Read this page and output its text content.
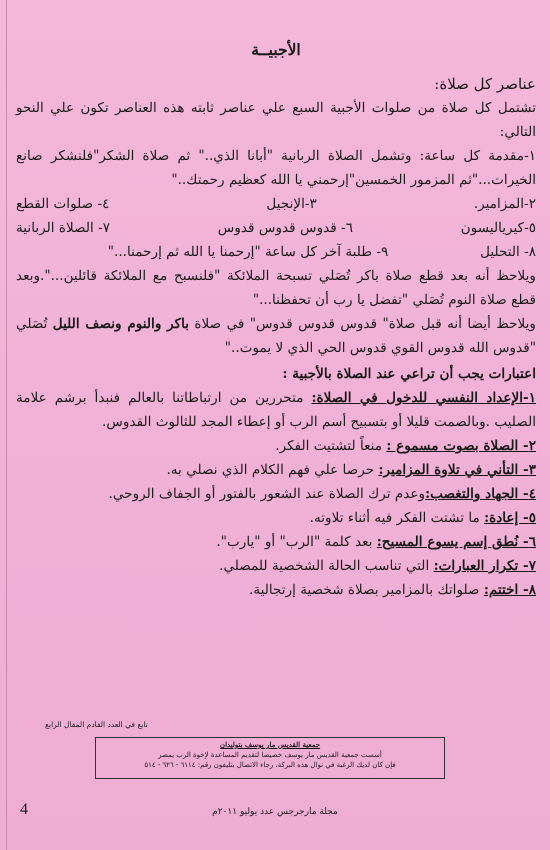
الأجبيــة

عناصر كل صلاة:

تشتمل كل صلاة من صلوات الأجبية السبع علي عناصر ثابته هذه العناصر تكون علي النحو التالي:

١-مقدمة كل ساعة: وتشمل الصلاة الربانية "أبانا الذي.." ثم صلاة الشكر"فلنشكر صانع الخيرات..."ثم المزمور الخمسين"إرحمني يا الله كعظيم رحمتك.."

٢-المزامير.
٣-الإنجيل
٤- صلوات القطع
٥-كيرياليسون
٦- قدوس قدوس قدوس
٧- الصلاة الربانية
٨- التحليل
٩- طلبة آخر كل ساعة "إرحمنا يا الله ثم إرحمنا..."

ويلاحظ أنه بعد قطع صلاة باكر تُصَلي تسبحة الملائكة "فلنسبح مع الملائكة قائلين...".وبعد قطع صلاة النوم تُصَلي "تفضل يا رب أن تحفظنا..."

ويلاحظ أيضا أنه قبل صلاة" قدوس قدوس قدوس" في صلاة باكر والنوم ونصف الليل تُصَلي "قدوس الله قدوس القوي قدوس الحي الذي لا يموت.."

اعتبارات يجب أن تراعي عند الصلاة بالأجبية :

١-الإعداد النفسي للدخول في الصلاة: متحررين من ارتباطاتنا بالعالم فنبدأ برشم علامة الصليب .وبالصمت قليلا أو بتسبيح أسم الرب أو إعطاء المجد للثالوث القدوس.

٢- الصلاة بصوت مسموع : منعاً لتشتيت الفكر.

٣- التأني في تلاوة المزامير: حرصا علي فهم الكلام الذي نصلي به.

٤- الجهاد والتغصب:وعدم ترك الصلاة عند الشعور بالفتور أو الجفاف الروحي.

٥- إعادة: ما تشتت الفكر فيه أثناء تلاوته.

٦- نُطق إسم يسوع المسيح: بعد كلمة "الرب" أو "يارب".

٧- تكرار العبارات: التي تناسب الحالة الشخصية للمصلي.

٨- اختتم: صلواتك بالمزامير بصلاة شخصية إرتجالية.

تابع في العدد القادم المقال الرابع
جمعية القديس مار يوسف بتوليدان
أسست جمعية القديس مار يوسف خصيصا لتقديم المساعدة لإخوة الرب بمصر
فإن كان لديك الرغبة في نوال هذه البركة، رجاء الاتصال بتليفون رقم: ٦١١٤ - ٦٢٦ - ٥١٤
مجلة مارجرجس عدد يوليو ٢٠١١م
4
